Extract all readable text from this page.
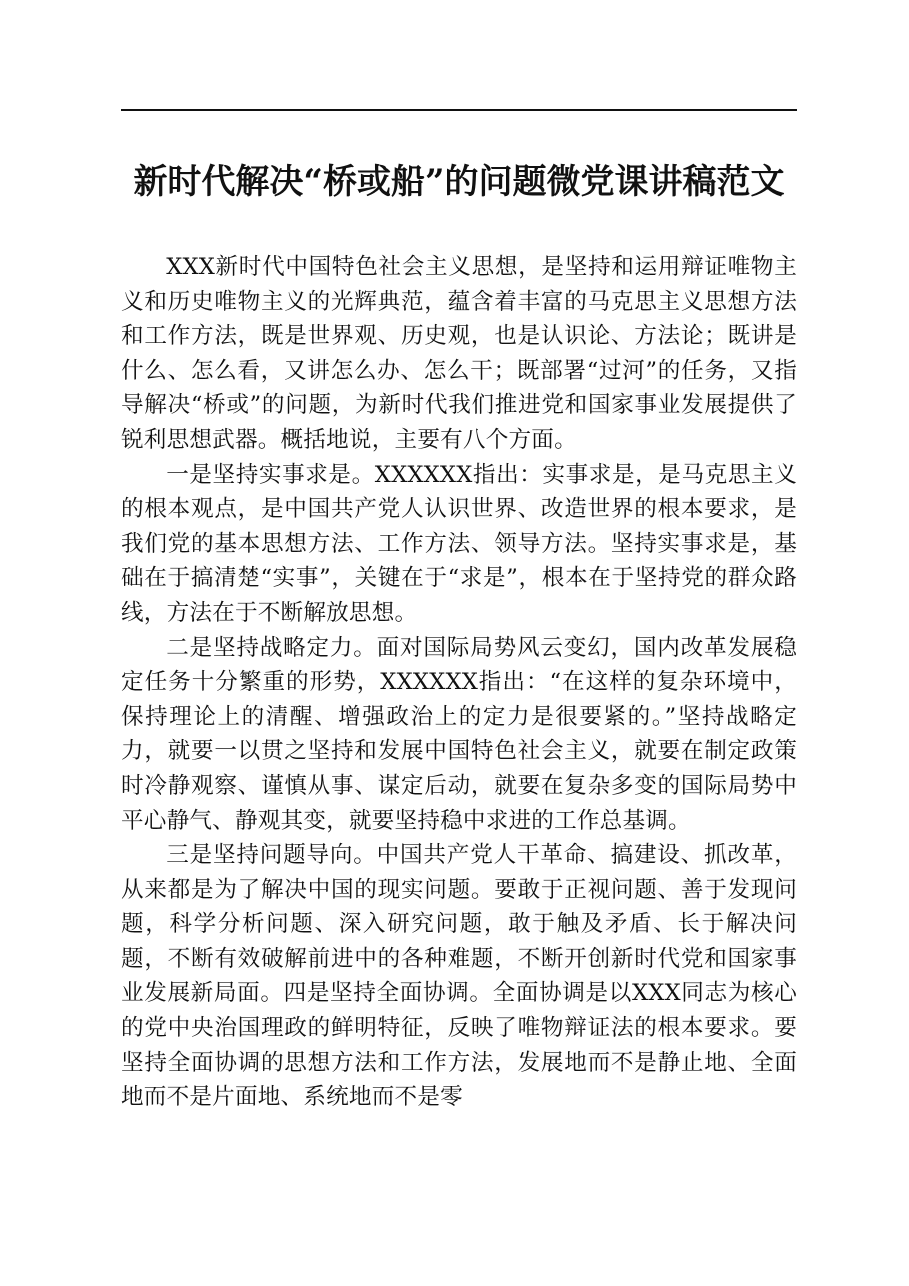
新时代解决“桥或船”的问题微党课讲稿范文

XXX新时代中国特色社会主义思想，是坚持和运用辩证唯物主义和历史唯物主义的光辉典范，蕴含着丰富的马克思主义思想方法和工作方法，既是世界观、历史观，也是认识论、方法论；既讲是什么、怎么看，又讲怎么办、怎么干；既部署“过河”的任务，又指导解决“桥或”的问题，为新时代我们推进党和国家事业发展提供了锐利思想武器。概括地说，主要有八个方面。

一是坚持实事求是。XXXXXX指出：实事求是，是马克思主义的根本观点，是中国共产党人认识世界、改造世界的根本要求，是我们党的基本思想方法、工作方法、领导方法。坚持实事求是，基础在于搞清楚“实事”，关键在于“求是”，根本在于坚持党的群众路线，方法在于不断解放思想。

二是坚持战略定力。面对国际局势风云变幻，国内改革发展稳定任务十分繁重的形势，XXXXXX指出：“在这样的复杂环境中，保持理论上的清醒、增强政治上的定力是很要紧的。”坚持战略定力，就要一以贯之坚持和发展中国特色社会主义，就要在制定政策时冷静观察、谨慎从事、谋定后动，就要在复杂多变的国际局势中平心静气、静观其变，就要坚持稳中求进的工作总基调。

三是坚持问题导向。中国共产党人干革命、搞建设、抓改革，从来都是为了解决中国的现实问题。要敢于正视问题、善于发现问题，科学分析问题、深入研究问题，敢于触及矛盾、长于解决问题，不断有效破解前进中的各种难题，不断开创新时代党和国家事业发展新局面。四是坚持全面协调。全面协调是以XXX同志为核心的党中央治国理政的鲜明特征，反映了唯物辩证法的根本要求。要坚持全面协调的思想方法和工作方法，发展地而不是静止地、全面地而不是片面地、系统地而不是零
